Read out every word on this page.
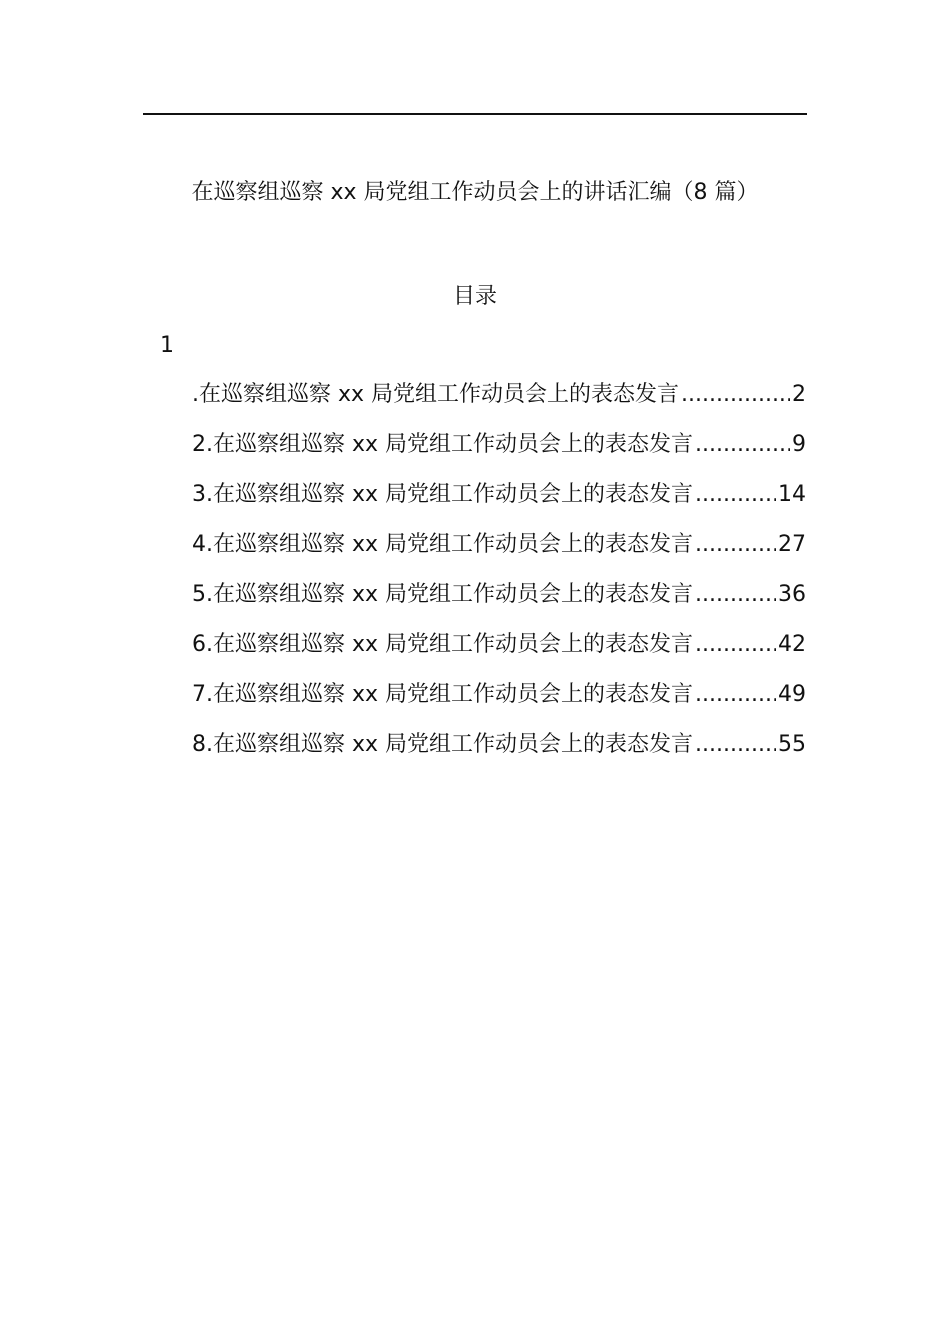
在巡察组巡察 xx 局党组工作动员会上的讲话汇编（8 篇）
目录
1
.在巡察组巡察 xx 局党组工作动员会上的表态发言 .....	2
2.在巡察组巡察 xx 局党组工作动员会上的表态发言 .....	9
3.在巡察组巡察 xx 局党组工作动员会上的表态发言 .....	14
4.在巡察组巡察 xx 局党组工作动员会上的表态发言 .....	27
5.在巡察组巡察 xx 局党组工作动员会上的表态发言 .....	36
6.在巡察组巡察 xx 局党组工作动员会上的表态发言 .....	42
7.在巡察组巡察 xx 局党组工作动员会上的表态发言 .....	49
8.在巡察组巡察 xx 局党组工作动员会上的表态发言 .....	55
